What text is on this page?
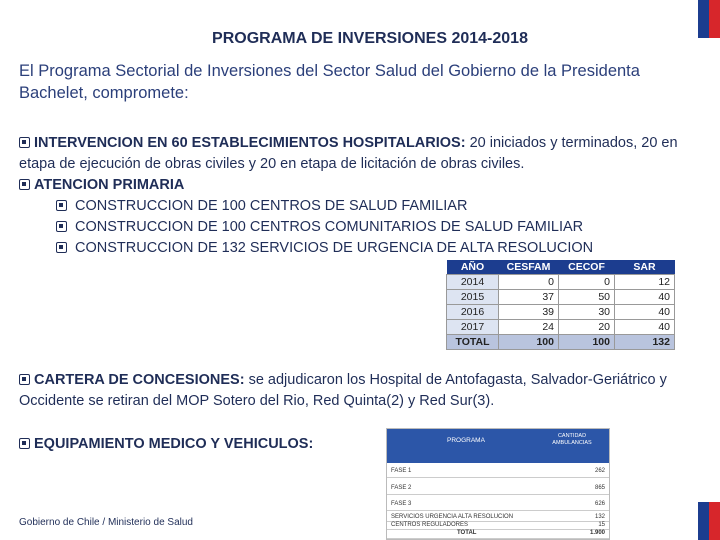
PROGRAMA DE INVERSIONES 2014-2018
El Programa Sectorial de Inversiones del Sector Salud del Gobierno de la Presidenta Bachelet, compromete:
INTERVENCION EN 60 ESTABLECIMIENTOS HOSPITALARIOS: 20 iniciados y terminados, 20 en etapa de ejecución de obras civiles y 20 en etapa de licitación de obras civiles.
ATENCION PRIMARIA
CONSTRUCCION DE 100 CENTROS DE SALUD FAMILIAR
CONSTRUCCION DE 100 CENTROS COMUNITARIOS DE SALUD FAMILIAR
CONSTRUCCION DE 132 SERVICIOS DE URGENCIA DE ALTA RESOLUCION
AÑO	CESFAM	CECOF	SAR
2014	0	0	12
2015	37	50	40
2016	39	30	40
2017	24	20	40
TOTAL	100	100	132
CARTERA DE CONCESIONES: se adjudicaron los Hospital de Antofagasta, Salvador-Geriátrico y Occidente se retiran del MOP Sotero del Rio, Red Quinta(2) y Red Sur(3).
EQUIPAMIENTO MEDICO Y VEHICULOS:	PROGRAMA
CANTIDAD AMBULANCIAS
FASE 1	262
FASE 2	865
FASE 3	626
SERVICIOS URGENCIA ALTA RESOLUCION	132
CENTROS REGULADORES	15
TOTAL	1.900
Gobierno de Chile / Ministerio de Salud
